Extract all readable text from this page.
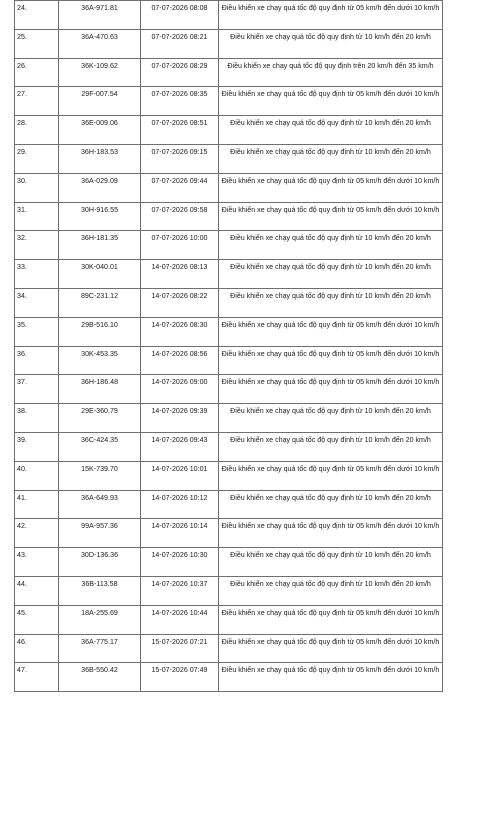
24.	36A-971.81	07-07-2026 08:08	Điều khiển xe chạy quá tốc độ quy định từ 05 km/h đến dưới 10 km/h
25.	36A-470.63	07-07-2026 08:21	Điều khiển xe chạy quá tốc độ quy định từ 10 km/h đến 20 km/h
26.	36K-109.62	07-07-2026 08:29	Điều khiển xe chạy quá tốc độ quy định trên 20 km/h đến 35 km/h
27.	29F-007.54	07-07-2026 08:35	Điều khiển xe chạy quá tốc độ quy định từ 05 km/h đến dưới 10 km/h
28.	36E-009.06	07-07-2026 08:51	Điều khiển xe chạy quá tốc độ quy định từ 10 km/h đến 20 km/h
29.	36H-183.53	07-07-2026 09:15	Điều khiển xe chạy quá tốc độ quy định từ 10 km/h đến 20 km/h
30.	36A-029.09	07-07-2026 09:44	Điều khiển xe chạy quá tốc độ quy định từ 05 km/h đến dưới 10 km/h
31.	30H-916.55	07-07-2026 09:58	Điều khiển xe chạy quá tốc độ quy định từ 05 km/h đến dưới 10 km/h
32.	36H-181.35	07-07-2026 10:00	Điều khiển xe chạy quá tốc độ quy định từ 10 km/h đến 20 km/h
33.	30K-040.01	14-07-2026 08:13	Điều khiển xe chạy quá tốc độ quy định từ 10 km/h đến 20 km/h
34.	89C-231.12	14-07-2026 08:22	Điều khiển xe chạy quá tốc độ quy định từ 10 km/h đến 20 km/h
35.	29B-516.10	14-07-2026 08:30	Điều khiển xe chạy quá tốc độ quy định từ 05 km/h đến dưới 10 km/h
36.	30K-453.35	14-07-2026 08:56	Điều khiển xe chạy quá tốc độ quy định từ 05 km/h đến dưới 10 km/h
37.	36H-186.48	14-07-2026 09:00	Điều khiển xe chạy quá tốc độ quy định từ 05 km/h đến dưới 10 km/h
38.	29E-360.79	14-07-2026 09:39	Điều khiển xe chạy quá tốc độ quy định từ 10 km/h đến 20 km/h
39.	36C-424.35	14-07-2026 09:43	Điều khiển xe chạy quá tốc độ quy định từ 10 km/h đến 20 km/h
40.	15K-739.70	14-07-2026 10:01	Điều khiển xe chạy quá tốc độ quy định từ 05 km/h đến dưới 10 km/h
41.	36A-649.93	14-07-2026 10:12	Điều khiển xe chạy quá tốc độ quy định từ 10 km/h đến 20 km/h
42.	99A-957.36	14-07-2026 10:14	Điều khiển xe chạy quá tốc độ quy định từ 05 km/h đến dưới 10 km/h
43.	30D-136.36	14-07-2026 10:30	Điều khiển xe chạy quá tốc độ quy định từ 10 km/h đến 20 km/h
44.	36B-113.58	14-07-2026 10:37	Điều khiển xe chạy quá tốc độ quy định từ 10 km/h đến 20 km/h
45.	18A-255.69	14-07-2026 10:44	Điều khiển xe chạy quá tốc độ quy định từ 05 km/h đến dưới 10 km/h
46.	36A-775.17	15-07-2026 07:21	Điều khiển xe chạy quá tốc độ quy định từ 05 km/h đến dưới 10 km/h
47.	36B-550.42	15-07-2026 07:49	Điều khiển xe chạy quá tốc độ quy định từ 05 km/h đến dưới 10 km/h
